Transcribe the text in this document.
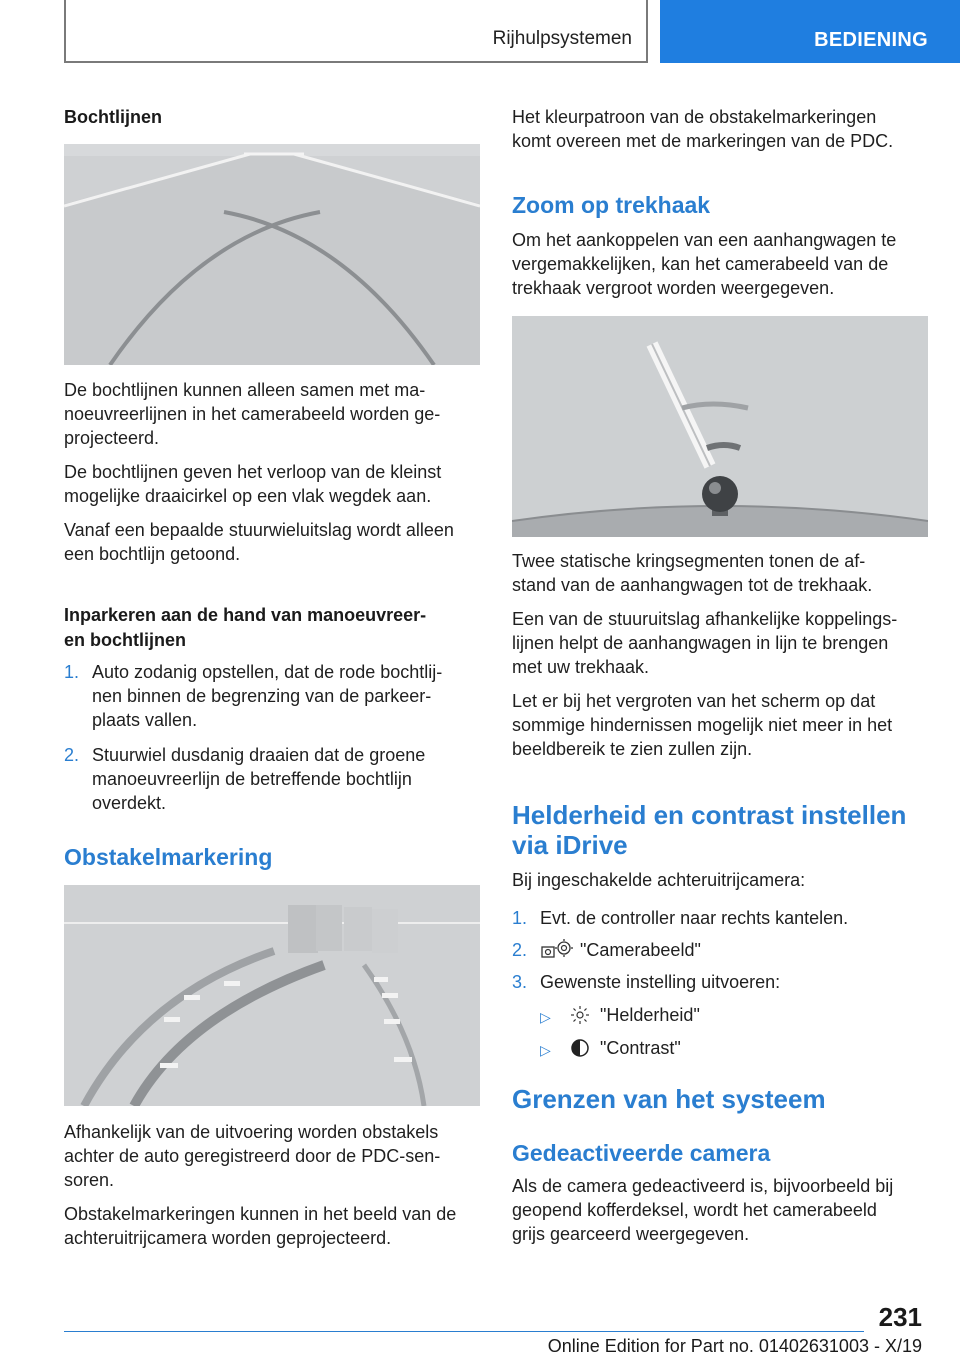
Rijhulpsystemen	BEDIENING
Bochtlijnen

De bochtlijnen kunnen alleen samen met ma-
noeuvreerlijnen in het camerabeeld worden ge-
projecteerd.

De bochtlijnen geven het verloop van de kleinst
mogelijke draaicirkel op een vlak wegdek aan.

Vanaf een bepaalde stuurwieluitslag wordt alleen
een bochtlijn getoond.

Inparkeren aan de hand van manoeuvreer-
en bochtlijnen
1. Auto zodanig opstellen, dat de rode bochtlij-
nen binnen de begrenzing van de parkeer-
plaats vallen.
2. Stuurwiel dusdanig draaien dat de groene
manoeuvreerlijn de betreffende bochtlijn
overdekt.
Obstakelmarkering

Afhankelijk van de uitvoering worden obstakels
achter de auto geregistreerd door de PDC-sen-
soren.

Obstakelmarkeringen kunnen in het beeld van de
achteruitrijcamera worden geprojecteerd.

Het kleurpatroon van de obstakelmarkeringen
komt overeen met de markeringen van de PDC.

Zoom op trekhaak

Om het aankoppelen van een aanhangwagen te
vergemakkelijken, kan het camerabeeld van de
trekhaak vergroot worden weergegeven.

Twee statische kringsegmenten tonen de af-
stand van de aanhangwagen tot de trekhaak.

Een van de stuuruitslag afhankelijke koppelings-
lijnen helpt de aanhangwagen in lijn te brengen
met uw trekhaak.

Let er bij het vergroten van het scherm op dat
sommige hindernissen mogelijk niet meer in het
beeldbereik te zien zullen zijn.

Helderheid en contrast instellen
via iDrive

Bij ingeschakelde achteruitrijcamera:

1. Evt. de controller naar rechts kantelen.
2.	"Camerabeeld"
3. Gewenste instelling uitvoeren:
▷	"Helderheid"
▷	"Contrast"
Grenzen van het systeem
Gedeactiveerde camera

Als de camera gedeactiveerd is, bijvoorbeeld bij
geopend kofferdeksel, wordt het camerabeeld
grijs gearceerd weergegeven.

231
Online Edition for Part no. 01402631003 - X/19
